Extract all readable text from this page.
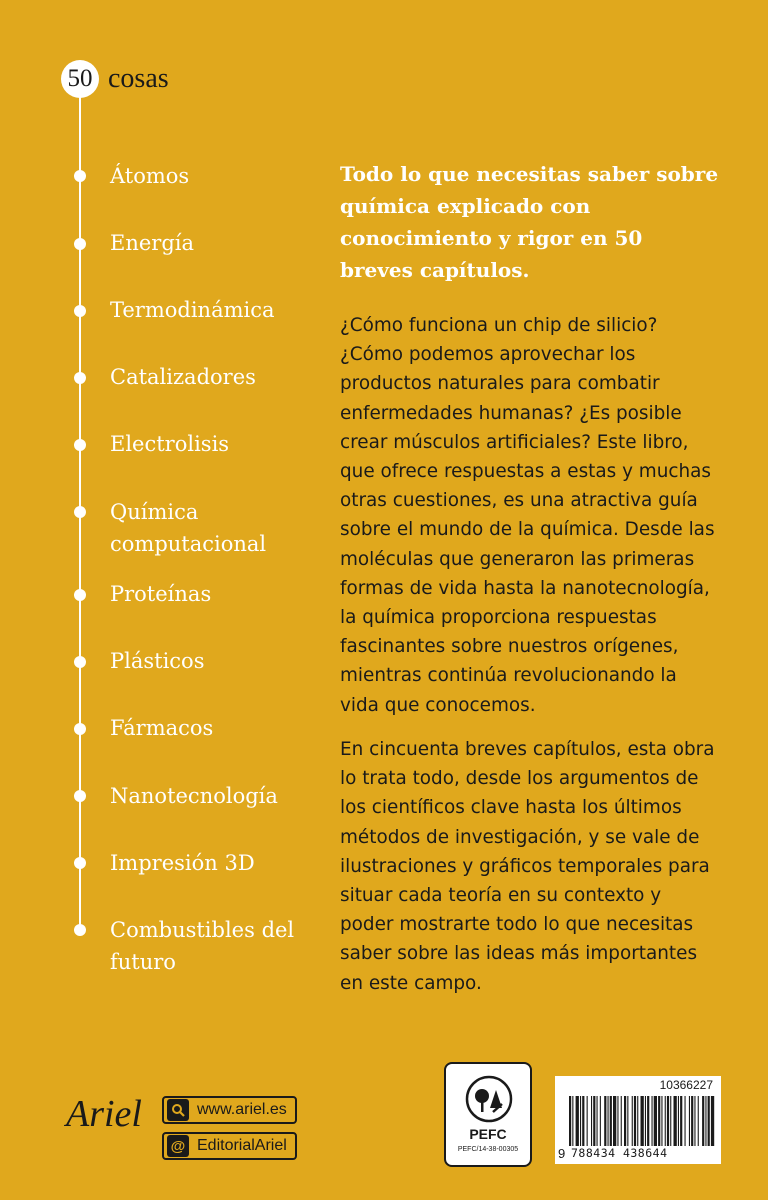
50 cosas
Átomos
Energía
Termodinámica
Catalizadores
Electrolisis
Química computacional
Proteínas
Plásticos
Fármacos
Nanotecnología
Impresión 3D
Combustibles del futuro
Todo lo que necesitas saber sobre química explicado con conocimiento y rigor en 50 breves capítulos.
¿Cómo funciona un chip de silicio? ¿Cómo podemos aprovechar los productos naturales para combatir enfermedades humanas? ¿Es posible crear músculos artificiales? Este libro, que ofrece respuestas a estas y muchas otras cuestiones, es una atractiva guía sobre el mundo de la química. Desde las moléculas que generaron las primeras formas de vida hasta la nanotecnología, la química proporciona respuestas fascinantes sobre nuestros orígenes, mientras continúa revolucionando la vida que conocemos.
En cincuenta breves capítulos, esta obra lo trata todo, desde los argumentos de los científicos clave hasta los últimos métodos de investigación, y se vale de ilustraciones y gráficos temporales para situar cada teoría en su contexto y poder mostrarte todo lo que necesitas saber sobre las ideas más importantes en este campo.
Ariel	www.ariel.es
@ EditorialAriel
PEFC
PEFC/14-38-00305
10366227
9 788434 438644
